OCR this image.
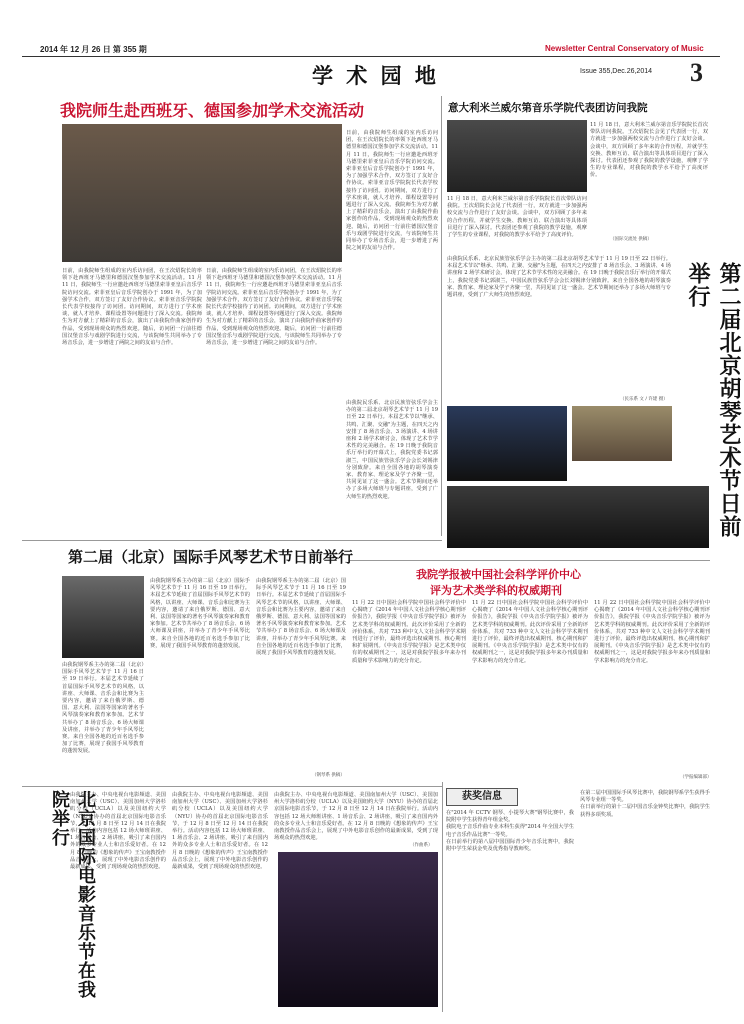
2014 年 12 月 26 日 第 355 期	Newsletter Central Conservatory of Music
学 术 园 地	Issue 355,Dec.26,2014 3
我院师生赴西班牙、德国参加学术交流活动
日前，由我院师生组成的室内乐访问团，在王次炤院长的率领下赴西班牙马德里和德国汉堡参加学术交流活动。11 月 11 日，我院师生一行应邀赴西班牙马德里索菲亚皇后音乐学院访问交流。索菲亚皇后音乐学院创办于 1991 年，为了加强学术合作，双方签订了友好合作协议。索菲亚音乐学院院长代表学校接待了访问团。访问期间，双方进行了学术座谈，就人才培养、课程设置等问题进行了深入交流。我院师生为对方献上了精彩的音乐会，演出了由我院作曲家创作的作品，受到现场观众的热烈欢迎。随后，访问团一行前往德国汉堡音乐与戏剧学院进行交流，与该院师生共同举办了专场音乐会，进一步增进了两院之间的友谊与合作。
日前，由我院师生组成的室内乐访问团，在王次炤院长的率领下赴西班牙马德里和德国汉堡参加学术交流活动。11 月 11 日，我院师生一行应邀赴西班牙马德里索菲亚皇后音乐学院访问交流。索菲亚皇后音乐学院创办于 1991 年，为了加强学术合作，双方签订了友好合作协议。索菲亚音乐学院院长代表学校接待了访问团。访问期间，双方进行了学术座谈，就人才培养、课程设置等问题进行了深入交流。我院师生为对方献上了精彩的音乐会，演出了由我院作曲家创作的作品，受到现场观众的热烈欢迎。随后，访问团一行前往德国汉堡音乐与戏剧学院进行交流，与该院师生共同举办了专场音乐会，进一步增进了两院之间的友谊与合作。
日前，由我院师生组成的室内乐访问团，在王次炤院长的率领下赴西班牙马德里和德国汉堡参加学术交流活动。11 月 11 日，我院师生一行应邀赴西班牙马德里索菲亚皇后音乐学院访问交流。索菲亚皇后音乐学院创办于 1991 年，为了加强学术合作，双方签订了友好合作协议。索菲亚音乐学院院长代表学校接待了访问团。访问期间，双方进行了学术座谈，就人才培养、课程设置等问题进行了深入交流。我院师生为对方献上了精彩的音乐会，演出了由我院作曲家创作的作品，受到现场观众的热烈欢迎。随后，访问团一行前往德国汉堡音乐与戏剧学院进行交流，与该院师生共同举办了专场音乐会，进一步增进了两院之间的友谊与合作。
意大利米兰威尔第音乐学院代表团访问我院
11 月 18 日，意大利米兰威尔第音乐学院院长首次带队访问我院。王次炤院长会见了代表团一行，双方就进一步加强两校交流与合作进行了友好会谈。会谈中，双方回顾了多年来的合作历程，并就学生交换、教师互访、联合演出等具体项目进行了深入探讨。代表团还参观了我院的教学设施，观摩了学生的专业课程，对我院的教学水平给予了高度评价。
11 月 18 日，意大利米兰威尔第音乐学院院长首次带队访问我院。王次炤院长会见了代表团一行，双方就进一步加强两校交流与合作进行了友好会谈。会谈中，双方回顾了多年来的合作历程，并就学生交换、教师互访、联合演出等具体项目进行了深入探讨。代表团还参观了我院的教学设施，观摩了学生的专业课程，对我院的教学水平给予了高度评价。
（国际交流处 供稿）
第二届北京胡琴艺术节日前举行
由我院民乐系、北京民族管弦乐学会主办的第二届北京胡琴艺术节于 11 月 19 日至 22 日举行。本届艺术节以"继承、共鸣、汇聚、交融"为主题，在四天之内安排了 8 场音乐会、3 场演讲、4 场讲座和 2 场学术研讨会，体现了艺术节学术性的完美融合。在 19 日晚于我院音乐厅举行的开幕式上，我院党委书记郭淑兰，中国民族管弦乐学会会长刘锡津分别致辞。来自全国各地的胡琴演奏家、教育家、理论家及学子齐聚一堂，共同见证了这一盛会。艺术节期间还举办了多场大师班与专题讲座，受到了广大师生的热烈欢迎。
（民乐系 文 / 许建 摄）
由我院民乐系、北京民族管弦乐学会主办的第二届北京胡琴艺术节于 11 月 19 日至 22 日举行。本届艺术节以"继承、共鸣、汇聚、交融"为主题，在四天之内安排了 8 场音乐会、3 场演讲、4 场讲座和 2 场学术研讨会，体现了艺术节学术性的完美融合。在 19 日晚于我院音乐厅举行的开幕式上，我院党委书记郭淑兰，中国民族管弦乐学会会长刘锡津分别致辞。来自全国各地的胡琴演奏家、教育家、理论家及学子齐聚一堂，共同见证了这一盛会。艺术节期间还举办了多场大师班与专题讲座，受到了广大师生的热烈欢迎。
第二届（北京）国际手风琴艺术节日前举行
由我院钢琴系主办的第二届（北京）国际手风琴艺术节于 11 月 16 日至 19 日举行。本届艺术节延续了首届国际手风琴艺术节的风格，以讲座、大师课、音乐会和比赛为主要内容，邀请了来自俄罗斯、德国、意大利、法国等国家的著名手风琴演奏家和教育家参加。艺术节共举办了 8 场音乐会、6 场大师课及讲座，并举办了青少年手风琴比赛。来自全国各地的近百名选手参加了比赛，展现了我国手风琴教育的蓬勃发展。
由我院钢琴系主办的第二届（北京）国际手风琴艺术节于 11 月 16 日至 19 日举行。本届艺术节延续了首届国际手风琴艺术节的风格，以讲座、大师课、音乐会和比赛为主要内容，邀请了来自俄罗斯、德国、意大利、法国等国家的著名手风琴演奏家和教育家参加。艺术节共举办了 8 场音乐会、6 场大师课及讲座，并举办了青少年手风琴比赛。来自全国各地的近百名选手参加了比赛，展现了我国手风琴教育的蓬勃发展。
由我院钢琴系主办的第二届（北京）国际手风琴艺术节于 11 月 16 日至 19 日举行。本届艺术节延续了首届国际手风琴艺术节的风格，以讲座、大师课、音乐会和比赛为主要内容，邀请了来自俄罗斯、德国、意大利、法国等国家的著名手风琴演奏家和教育家参加。艺术节共举办了 8 场音乐会、6 场大师课及讲座，并举办了青少年手风琴比赛。来自全国各地的近百名选手参加了比赛，展现了我国手风琴教育的蓬勃发展。
（钢琴系 供稿）
我院学报被中国社会科学评价中心
评为艺术类学科的权威期刊
11 月 22 日中国社会科学院中国社会科学评价中心揭晓了《2014 年中国人文社会科学核心期刊评价报告》，我院学报《中央音乐学院学报》被评为艺术类学科的权威期刊。此次评价采用了全新的评价体系，共对 733 种中文人文社会科学学术期刊进行了评价，最终评选出权威期刊、核心期刊和扩展期刊。《中央音乐学院学报》是艺术类中仅有的权威期刊之一，这是对我院学报多年来办刊质量和学术影响力的充分肯定。
11 月 22 日中国社会科学院中国社会科学评价中心揭晓了《2014 年中国人文社会科学核心期刊评价报告》，我院学报《中央音乐学院学报》被评为艺术类学科的权威期刊。此次评价采用了全新的评价体系，共对 733 种中文人文社会科学学术期刊进行了评价，最终评选出权威期刊、核心期刊和扩展期刊。《中央音乐学院学报》是艺术类中仅有的权威期刊之一，这是对我院学报多年来办刊质量和学术影响力的充分肯定。
11 月 22 日中国社会科学院中国社会科学评价中心揭晓了《2014 年中国人文社会科学核心期刊评价报告》，我院学报《中央音乐学院学报》被评为艺术类学科的权威期刊。此次评价采用了全新的评价体系，共对 733 种中文人文社会科学学术期刊进行了评价，最终评选出权威期刊、核心期刊和扩展期刊。《中央音乐学院学报》是艺术类中仅有的权威期刊之一，这是对我院学报多年来办刊质量和学术影响力的充分肯定。
（学报编辑部）
北京国际电影音乐节在我院举行 由我院主办、中央电视台电影频道、美国南加州大学（USC）、美国加州大学洛杉矶分校（UCLA）以及美国纽约大学（NYU）协办的首届北京国际电影音乐节，于 12 月 8 日至 12 月 14 日在我院举行。活动内容包括 12 场大师班讲座、1 场音乐会、2 场讲座，吸引了来自国内外的众多专业人士和音乐爱好者。在 12 月 8 日晚的《想象的传声》王宝南教授作品音乐会上，展现了中外电影音乐创作的最新成果，受到了现场观众的热烈欢迎。
由我院主办、中央电视台电影频道、美国南加州大学（USC）、美国加州大学洛杉矶分校（UCLA）以及美国纽约大学（NYU）协办的首届北京国际电影音乐节，于 12 月 8 日至 12 月 14 日在我院举行。活动内容包括 12 场大师班讲座、1 场音乐会、2 场讲座，吸引了来自国内外的众多专业人士和音乐爱好者。在 12 月 8 日晚的《想象的传声》王宝南教授作品音乐会上，展现了中外电影音乐创作的最新成果，受到了现场观众的热烈欢迎。
由我院主办、中央电视台电影频道、美国南加州大学（USC）、美国加州大学洛杉矶分校（UCLA）以及美国纽约大学（NYU）协办的首届北京国际电影音乐节，于 12 月 8 日至 12 月 14 日在我院举行。活动内容包括 12 场大师班讲座、1 场音乐会、2 场讲座，吸引了来自国内外的众多专业人士和音乐爱好者。在 12 月 8 日晚的《想象的传声》王宝南教授作品音乐会上，展现了中外电影音乐创作的最新成果，受到了现场观众的热烈欢迎。
（作曲系）
获奖信息
在"2014 年 CCTV 钢琴、小提琴大赛"钢琴比赛中，我院附中学生获得青年组金奖。
我院电子音乐作曲专业本科生获得"2014 年全国大学生电子音乐作品比赛"一等奖。
在日前举行的第八届中国国际青少年音乐比赛中，我院附中学生荣获金奖及优秀指导教师奖。
在第二届中国国际手风琴比赛中，我院钢琴系学生获得手风琴专业组一等奖。
在日前举行的第十二届中国音乐金钟奖比赛中，我院学生获得多项奖项。
